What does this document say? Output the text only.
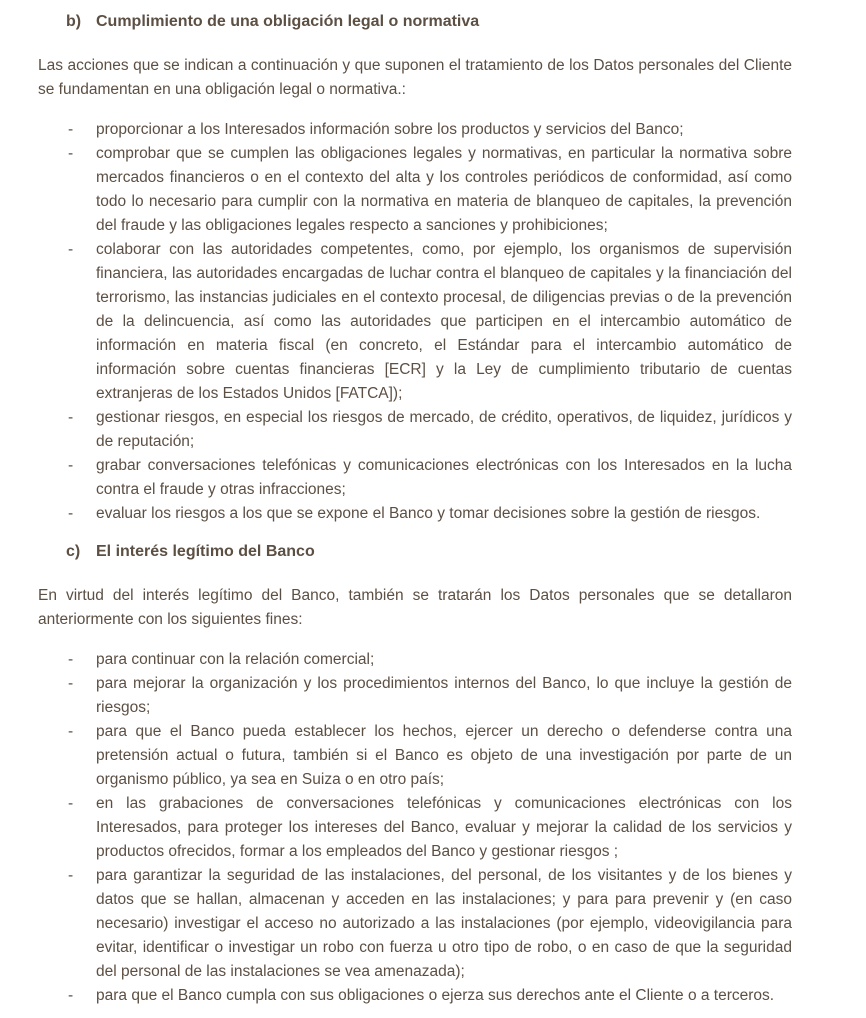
b) Cumplimiento de una obligación legal o normativa

Las acciones que se indican a continuación y que suponen el tratamiento de los Datos personales del Cliente se fundamentan en una obligación legal o normativa.:

-	proporcionar a los Interesados información sobre los productos y servicios del Banco;
-	comprobar que se cumplen las obligaciones legales y normativas, en particular la normativa sobre mercados financieros o en el contexto del alta y los controles periódicos de conformidad, así como todo lo necesario para cumplir con la normativa en materia de blanqueo de capitales, la prevención del fraude y las obligaciones legales respecto a sanciones y prohibiciones;
-	colaborar con las autoridades competentes, como, por ejemplo, los organismos de supervisión financiera, las autoridades encargadas de luchar contra el blanqueo de capitales y la financiación del terrorismo, las instancias judiciales en el contexto procesal, de diligencias previas o de la prevención de la delincuencia, así como las autoridades que participen en el intercambio automático de información en materia fiscal (en concreto, el Estándar para el intercambio automático de información sobre cuentas financieras [ECR] y la Ley de cumplimiento tributario de cuentas extranjeras de los Estados Unidos [FATCA]);
-	gestionar riesgos, en especial los riesgos de mercado, de crédito, operativos, de liquidez, jurídicos y de reputación;
-	grabar conversaciones telefónicas y comunicaciones electrónicas con los Interesados en la lucha contra el fraude y otras infracciones;
-	evaluar los riesgos a los que se expone el Banco y tomar decisiones sobre la gestión de riesgos.
c) El interés legítimo del Banco

En virtud del interés legítimo del Banco, también se tratarán los Datos personales que se detallaron anteriormente con los siguientes fines:

-	para continuar con la relación comercial;
-	para mejorar la organización y los procedimientos internos del Banco, lo que incluye la gestión de riesgos;
-	para que el Banco pueda establecer los hechos, ejercer un derecho o defenderse contra una pretensión actual o futura, también si el Banco es objeto de una investigación por parte de un organismo público, ya sea en Suiza o en otro país;
-	en las grabaciones de conversaciones telefónicas y comunicaciones electrónicas con los Interesados, para proteger los intereses del Banco, evaluar y mejorar la calidad de los servicios y productos ofrecidos, formar a los empleados del Banco y gestionar riesgos ;
-	para garantizar la seguridad de las instalaciones, del personal, de los visitantes y de los bienes y datos que se hallan, almacenan y acceden en las instalaciones; y para para prevenir y (en caso necesario) investigar el acceso no autorizado a las instalaciones (por ejemplo, videovigilancia para evitar, identificar o investigar un robo con fuerza u otro tipo de robo, o en caso de que la seguridad del personal de las instalaciones se vea amenazada);
-	para que el Banco cumpla con sus obligaciones o ejerza sus derechos ante el Cliente o a terceros.
